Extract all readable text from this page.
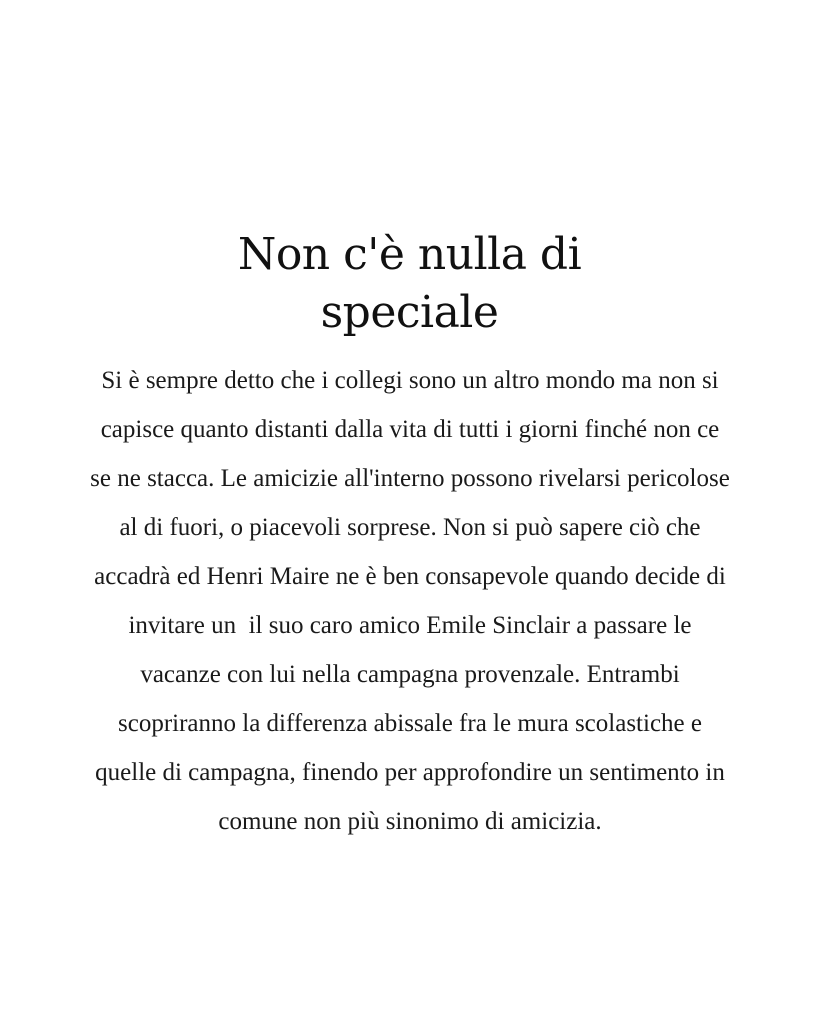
Non c'è nulla di
speciale

Si è sempre detto che i collegi sono un altro mondo ma non si
capisce quanto distanti dalla vita di tutti i giorni finché non ce
se ne stacca. Le amicizie all'interno possono rivelarsi pericolose
al di fuori, o piacevoli sorprese. Non si può sapere ciò che
accadrà ed Henri Maire ne è ben consapevole quando decide di
invitare un  il suo caro amico Emile Sinclair a passare le
vacanze con lui nella campagna provenzale. Entrambi
scopriranno la differenza abissale fra le mura scolastiche e
quelle di campagna, finendo per approfondire un sentimento in
comune non più sinonimo di amicizia.
